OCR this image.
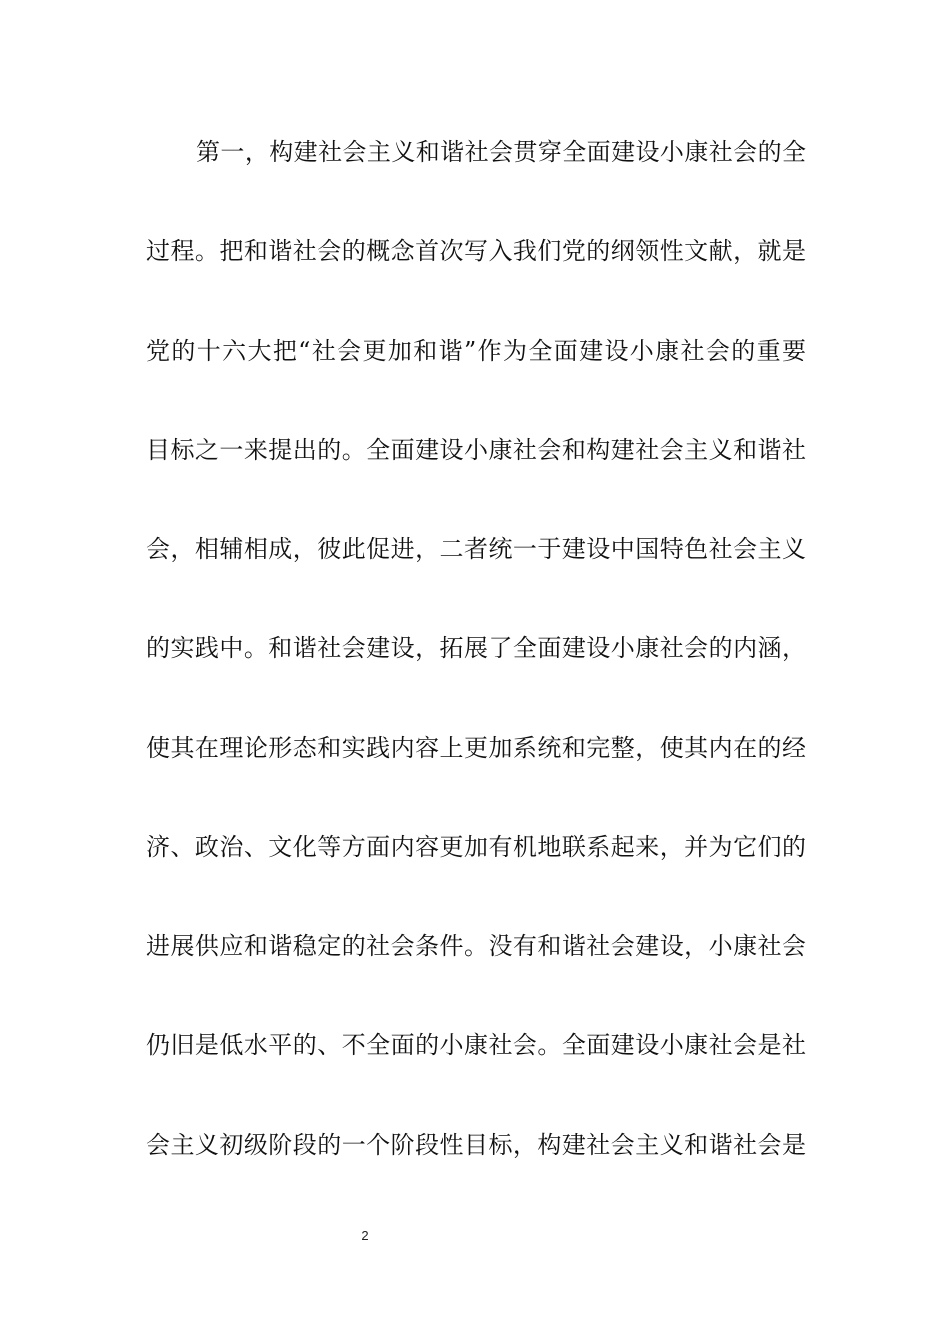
第一，构建社会主义和谐社会贯穿全面建设小康社会的全
过程。把和谐社会的概念首次写入我们党的纲领性文献，就是
党的十六大把“社会更加和谐”作为全面建设小康社会的重要
目标之一来提出的。全面建设小康社会和构建社会主义和谐社
会，相辅相成，彼此促进，二者统一于建设中国特色社会主义
的实践中。和谐社会建设，拓展了全面建设小康社会的内涵，
使其在理论形态和实践内容上更加系统和完整，使其内在的经
济、政治、文化等方面内容更加有机地联系起来，并为它们的
进展供应和谐稳定的社会条件。没有和谐社会建设，小康社会
仍旧是低水平的、不全面的小康社会。全面建设小康社会是社
会主义初级阶段的一个阶段性目标，构建社会主义和谐社会是
2
